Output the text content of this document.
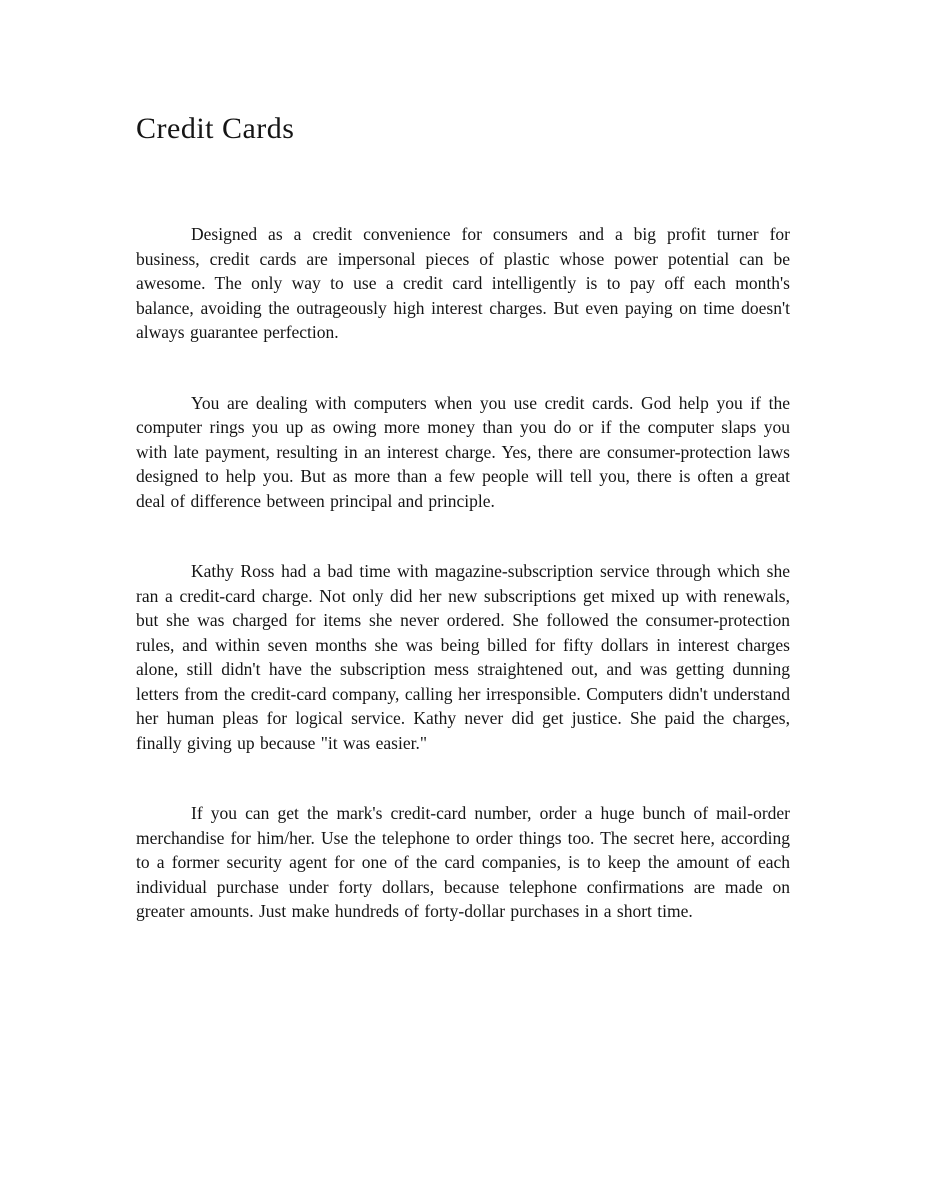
Credit Cards

Designed as a credit convenience for consumers and a big profit turner for business, credit cards are impersonal pieces of plastic whose power potential can be awesome. The only way to use a credit card intelligently is to pay off each month's balance, avoiding the outrageously high interest charges. But even paying on time doesn't always guarantee perfection.

You are dealing with computers when you use credit cards. God help you if the computer rings you up as owing more money than you do or if the computer slaps you with late payment, resulting in an interest charge. Yes, there are consumer-protection laws designed to help you. But as more than a few people will tell you, there is often a great deal of difference between principal and principle.

Kathy Ross had a bad time with magazine-subscription service through which she ran a credit-card charge. Not only did her new subscriptions get mixed up with renewals, but she was charged for items she never ordered. She followed the consumer-protection rules, and within seven months she was being billed for fifty dollars in interest charges alone, still didn't have the subscription mess straightened out, and was getting dunning letters from the credit-card company, calling her irresponsible. Computers didn't understand her human pleas for logical service. Kathy never did get justice. She paid the charges, finally giving up because "it was easier."

If you can get the mark's credit-card number, order a huge bunch of mail-order merchandise for him/her. Use the telephone to order things too. The secret here, according to a former security agent for one of the card companies, is to keep the amount of each individual purchase under forty dollars, because telephone confirmations are made on greater amounts. Just make hundreds of forty-dollar purchases in a short time.
